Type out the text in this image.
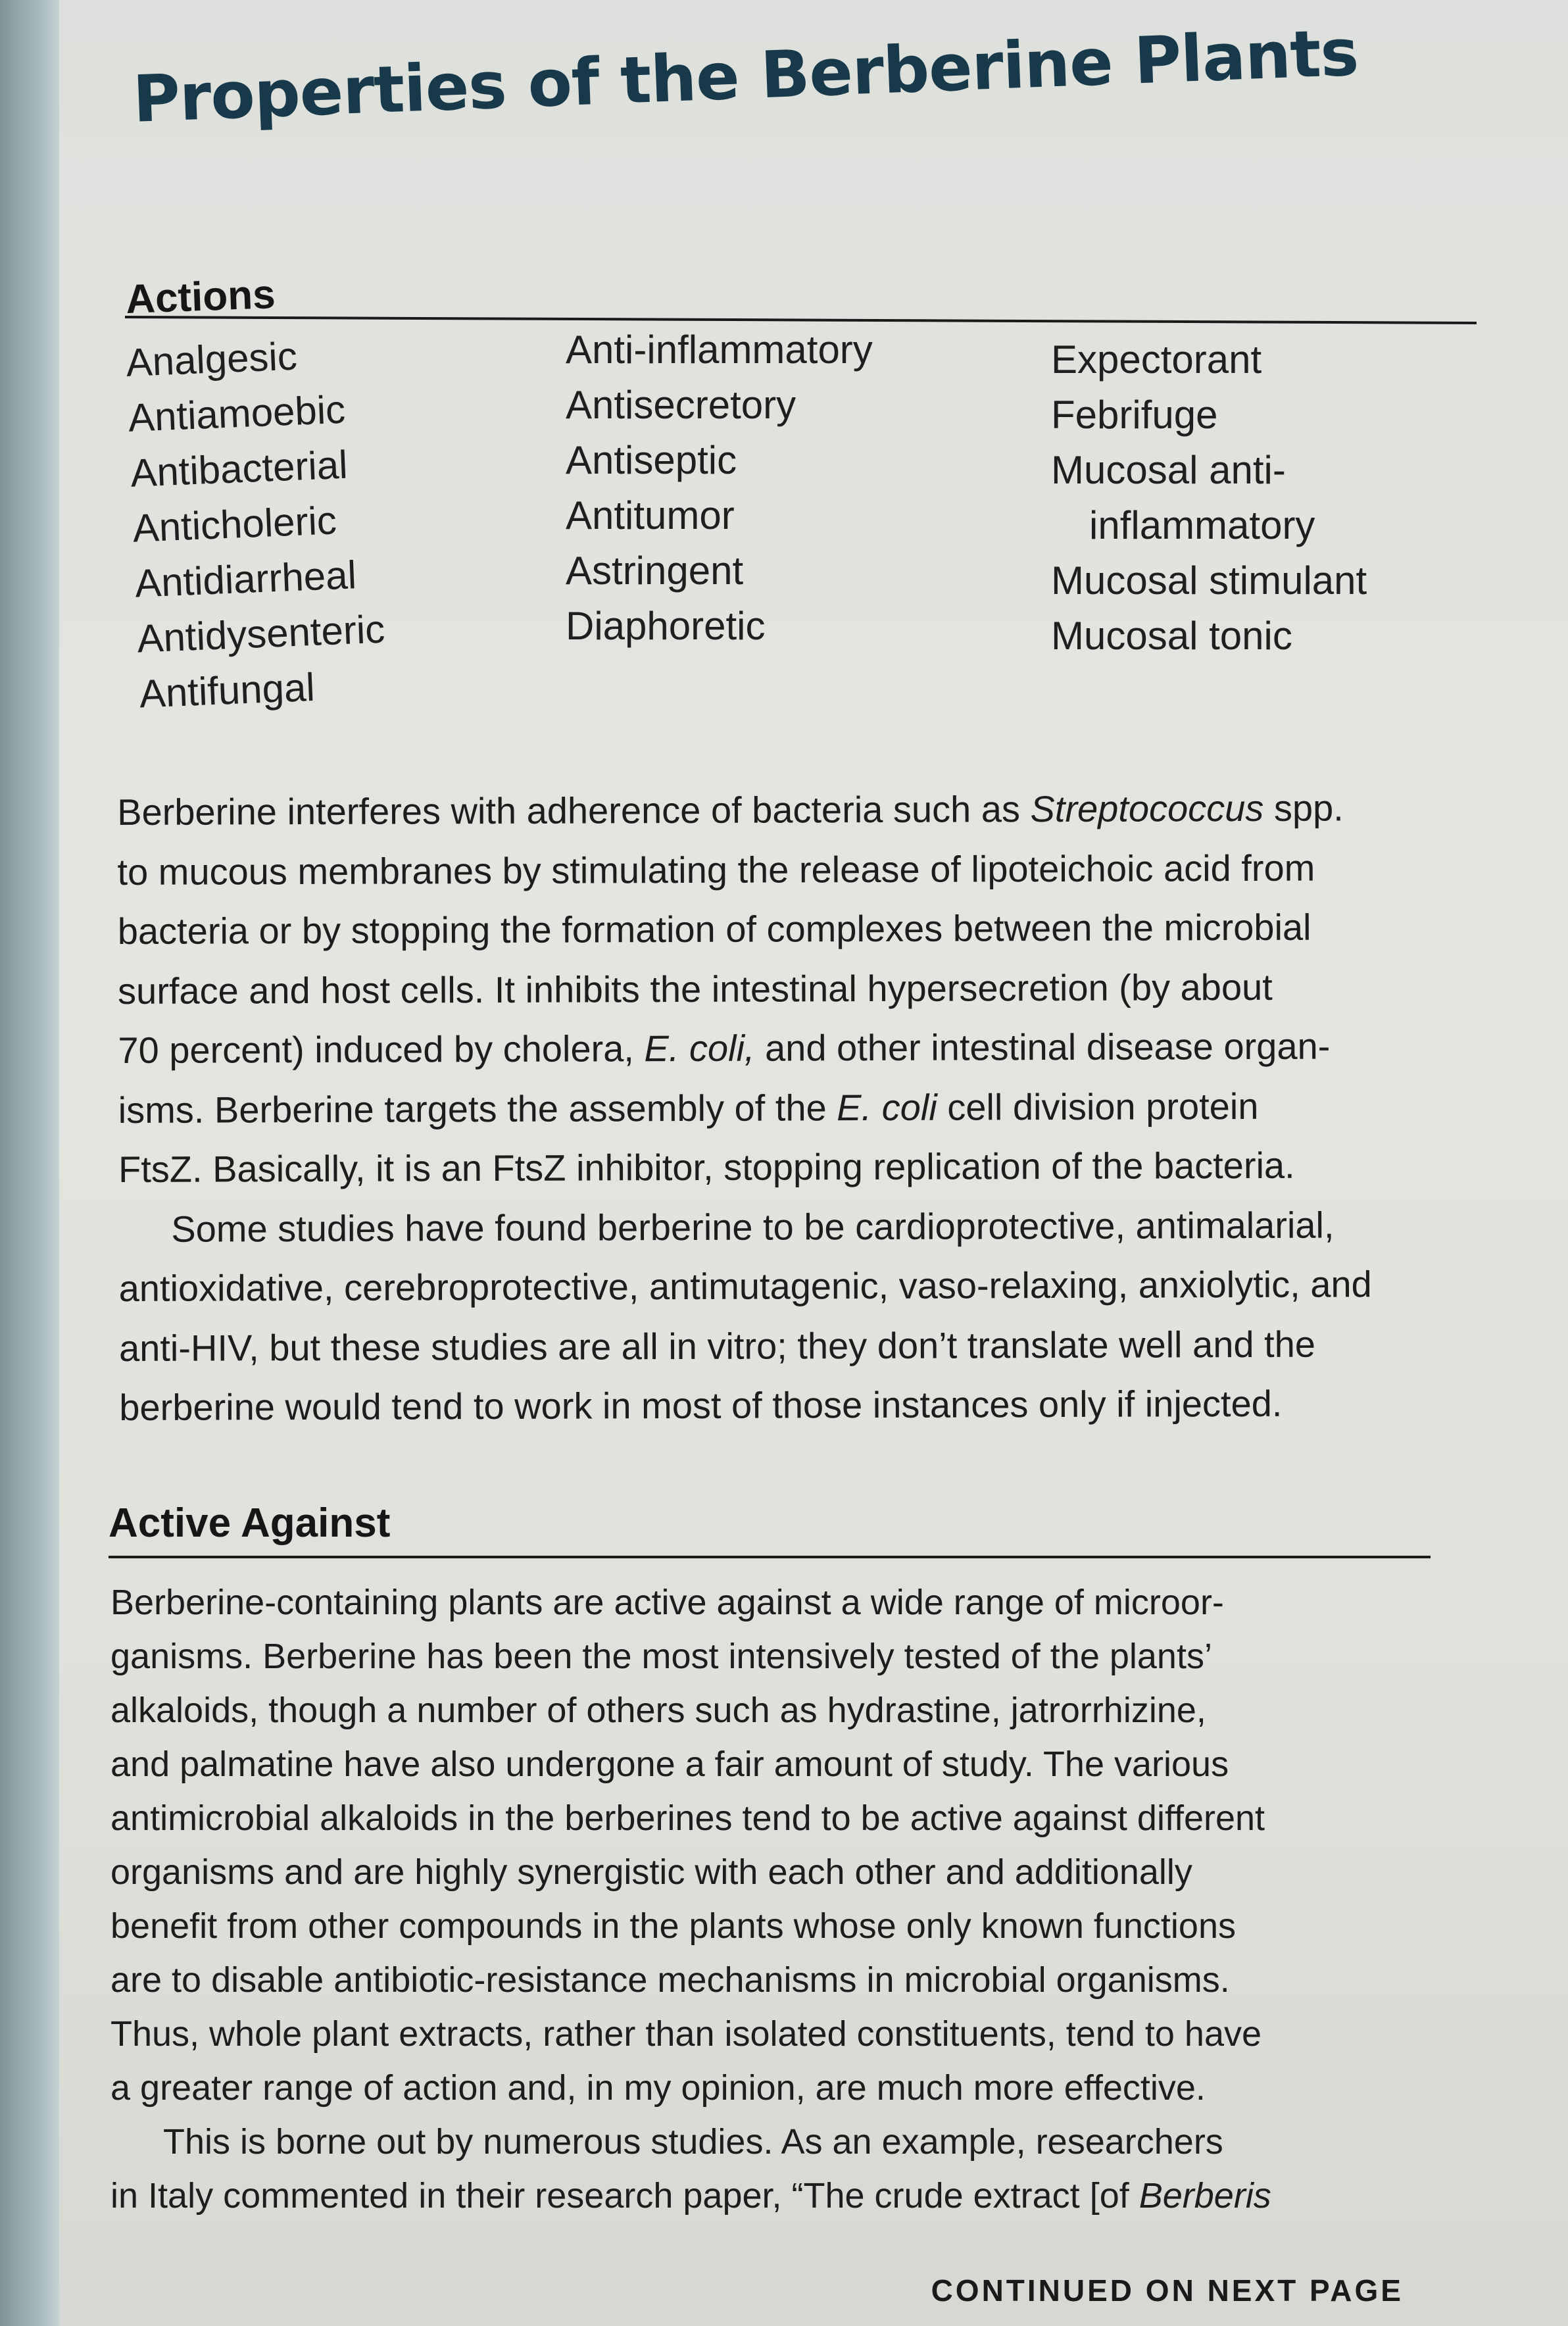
Properties of the Berberine Plants
Actions
Analgesic
Antiamoebic
Antibacterial
Anticholeric
Antidiarrheal
Antidysenteric
Antifungal
Anti-inflammatory
Antisecretory
Antiseptic
Antitumor
Astringent
Diaphoretic
Expectorant
Febrifuge
Mucosal anti-
inflammatory
Mucosal stimulant
Mucosal tonic
Berberine interferes with adherence of bacteria such as Streptococcus spp.
to mucous membranes by stimulating the release of lipoteichoic acid from
bacteria or by stopping the formation of complexes between the microbial
surface and host cells. It inhibits the intestinal hypersecretion (by about
70 percent) induced by cholera, E. coli, and other intestinal disease organ-
isms. Berberine targets the assembly of the E. coli cell division protein
FtsZ. Basically, it is an FtsZ inhibitor, stopping replication of the bacteria.
Some studies have found berberine to be cardioprotective, antimalarial,
antioxidative, cerebroprotective, antimutagenic, vaso-relaxing, anxiolytic, and
anti-HIV, but these studies are all in vitro; they don’t translate well and the
berberine would tend to work in most of those instances only if injected.
Active Against
Berberine-containing plants are active against a wide range of microor-
ganisms. Berberine has been the most intensively tested of the plants’
alkaloids, though a number of others such as hydrastine, jatrorrhizine,
and palmatine have also undergone a fair amount of study. The various
antimicrobial alkaloids in the berberines tend to be active against different
organisms and are highly synergistic with each other and additionally
benefit from other compounds in the plants whose only known functions
are to disable antibiotic-resistance mechanisms in microbial organisms.
Thus, whole plant extracts, rather than isolated constituents, tend to have
a greater range of action and, in my opinion, are much more effective.
This is borne out by numerous studies. As an example, researchers
in Italy commented in their research paper, “The crude extract [of Berberis
CONTINUED ON NEXT PAGE
